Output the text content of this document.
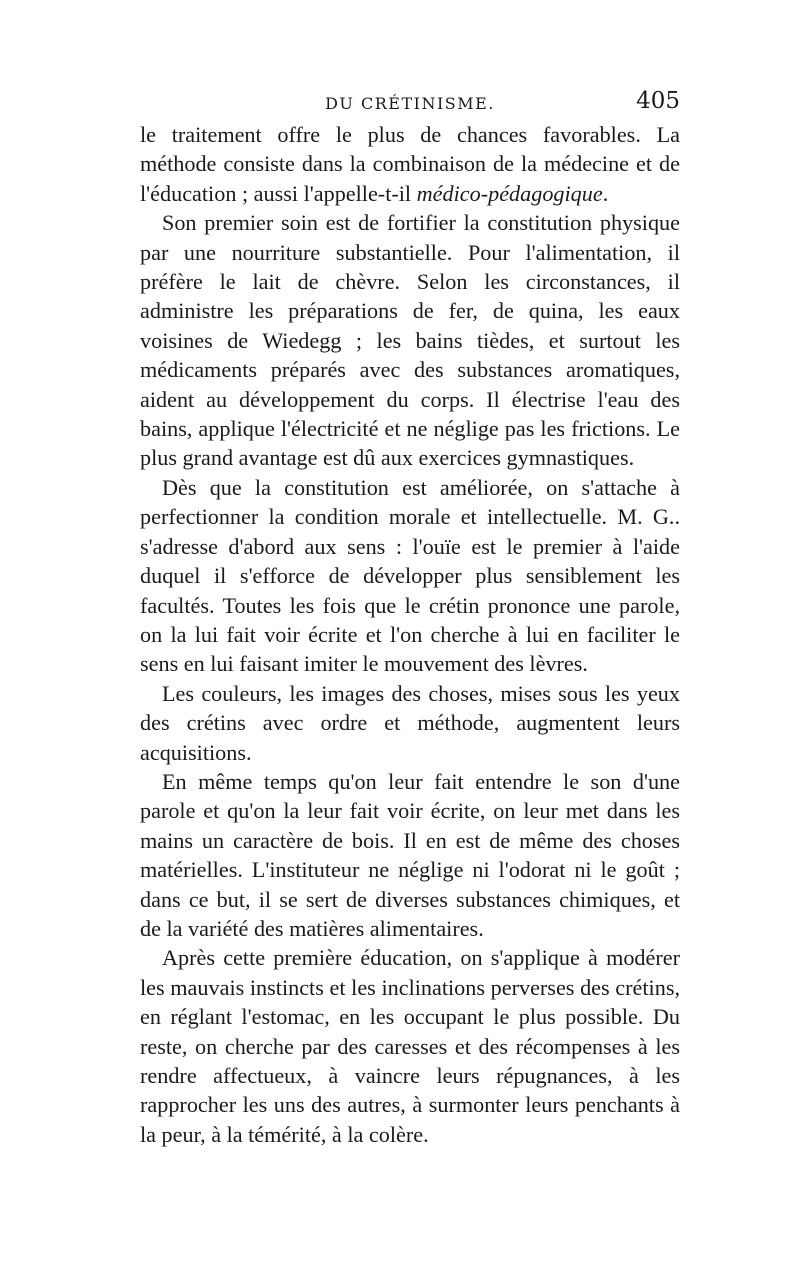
DU CRÉTINISME.	405

le traitement offre le plus de chances favorables. La méthode consiste dans la combinaison de la médecine et de l'éducation ; aussi l'appelle-t-il médico-pédagogique.

Son premier soin est de fortifier la constitution physique par une nourriture substantielle. Pour l'alimentation, il préfère le lait de chèvre. Selon les circonstances, il administre les préparations de fer, de quina, les eaux voisines de Wiedegg ; les bains tièdes, et surtout les médicaments préparés avec des substances aromatiques, aident au développement du corps. Il électrise l'eau des bains, applique l'électricité et ne néglige pas les frictions. Le plus grand avantage est dû aux exercices gymnastiques.

Dès que la constitution est améliorée, on s'attache à perfectionner la condition morale et intellectuelle. M. G.. s'adresse d'abord aux sens : l'ouïe est le premier à l'aide duquel il s'efforce de développer plus sensiblement les facultés. Toutes les fois que le crétin prononce une parole, on la lui fait voir écrite et l'on cherche à lui en faciliter le sens en lui faisant imiter le mouvement des lèvres.

Les couleurs, les images des choses, mises sous les yeux des crétins avec ordre et méthode, augmentent leurs acquisitions.

En même temps qu'on leur fait entendre le son d'une parole et qu'on la leur fait voir écrite, on leur met dans les mains un caractère de bois. Il en est de même des choses matérielles. L'instituteur ne néglige ni l'odorat ni le goût ; dans ce but, il se sert de diverses substances chimiques, et de la variété des matières alimentaires.

Après cette première éducation, on s'applique à modérer les mauvais instincts et les inclinations perverses des crétins, en réglant l'estomac, en les occupant le plus possible. Du reste, on cherche par des caresses et des récompenses à les rendre affectueux, à vaincre leurs répugnances, à les rapprocher les uns des autres, à surmonter leurs penchants à la peur, à la témérité, à la colère.
